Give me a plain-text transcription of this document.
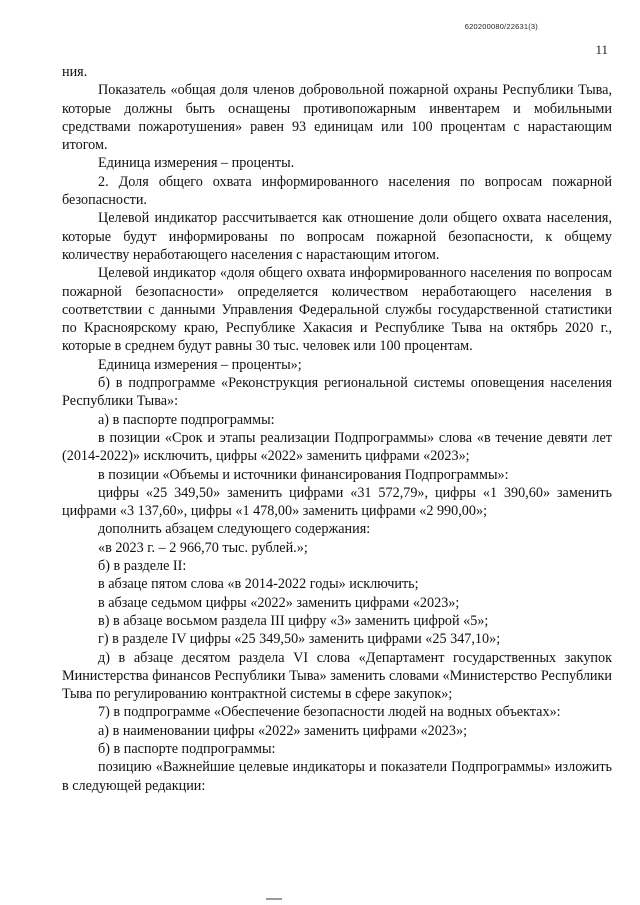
620200080/22631(3)
11

ния.

Показатель «общая доля членов добровольной пожарной охраны Республики Тыва, которые должны быть оснащены противопожарным инвентарем и мобильными средствами пожаротушения» равен 93 единицам или 100 процентам с нарастающим итогом.

Единица измерения – проценты.

2. Доля общего охвата информированного населения по вопросам пожарной безопасности.

Целевой индикатор рассчитывается как отношение доли общего охвата населения, которые будут информированы по вопросам пожарной безопасности, к общему количеству неработающего населения с нарастающим итогом.

Целевой индикатор «доля общего охвата информированного населения по вопросам пожарной безопасности» определяется количеством неработающего населения в соответствии с данными Управления Федеральной службы государственной статистики по Красноярскому краю, Республике Хакасия и Республике Тыва на октябрь 2020 г., которые в среднем будут равны 30 тыс. человек или 100 процентам.

Единица измерения – проценты»;

б) в подпрограмме «Реконструкция региональной системы оповещения населения Республики Тыва»:

а) в паспорте подпрограммы:

в позиции «Срок и этапы реализации Подпрограммы» слова «в течение девяти лет (2014-2022)» исключить, цифры «2022» заменить цифрами «2023»;

в позиции «Объемы и источники финансирования Подпрограммы»:

цифры «25 349,50» заменить цифрами «31 572,79», цифры «1 390,60» заменить цифрами «3 137,60», цифры «1 478,00» заменить цифрами «2 990,00»;

дополнить абзацем следующего содержания:

«в 2023 г. – 2 966,70 тыс. рублей.»;

б) в разделе II:

в абзаце пятом слова «в 2014-2022 годы» исключить;

в абзаце седьмом цифры «2022» заменить цифрами «2023»;

в) в абзаце восьмом раздела III цифру «3» заменить цифрой «5»;

г) в разделе IV цифры «25 349,50» заменить цифрами «25 347,10»;

д) в абзаце десятом раздела VI слова «Департамент государственных закупок Министерства финансов Республики Тыва» заменить словами «Министерство Республики Тыва по регулированию контрактной системы в сфере закупок»;

7) в подпрограмме «Обеспечение безопасности людей на водных объектах»:

а) в наименовании цифры «2022» заменить цифрами «2023»;

б) в паспорте подпрограммы:

позицию «Важнейшие целевые индикаторы и показатели Подпрограммы» изложить в следующей редакции:
